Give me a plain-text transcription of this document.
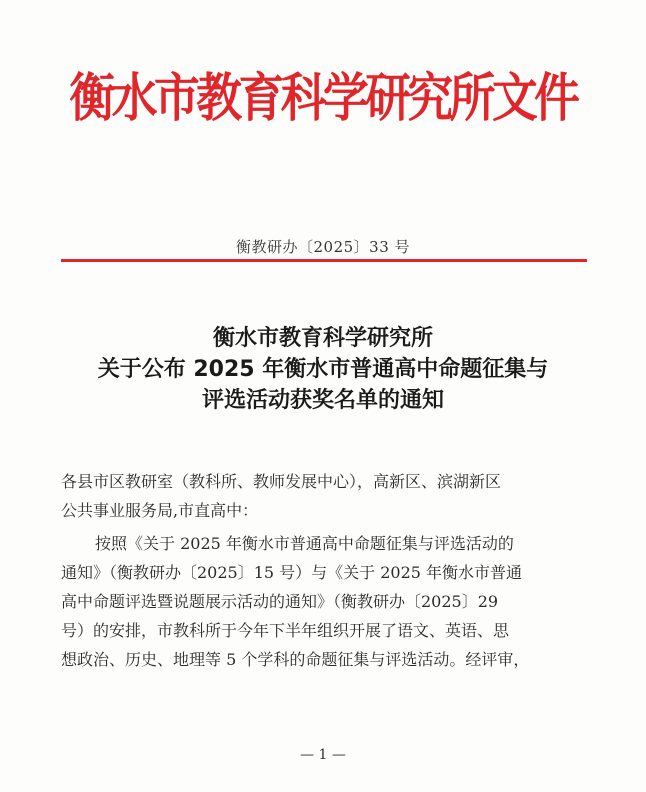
衡水市教育科学研究所文件
衡教研办〔2025〕33 号
衡水市教育科学研究所
关于公布 2025 年衡水市普通高中命题征集与
评选活动获奖名单的通知
各县市区教研室（教科所、教师发展中心），高新区、滨湖新区
公共事业服务局,市直高中：
按照《关于 2025 年衡水市普通高中命题征集与评选活动的
通知》（衡教研办〔2025〕15 号）与《关于 2025 年衡水市普通
高中命题评选暨说题展示活动的通知》（衡教研办〔2025〕29
号）的安排，市教科所于今年下半年组织开展了语文、英语、思
想政治、历史、地理等 5 个学科的命题征集与评选活动。经评审，
— 1 —
